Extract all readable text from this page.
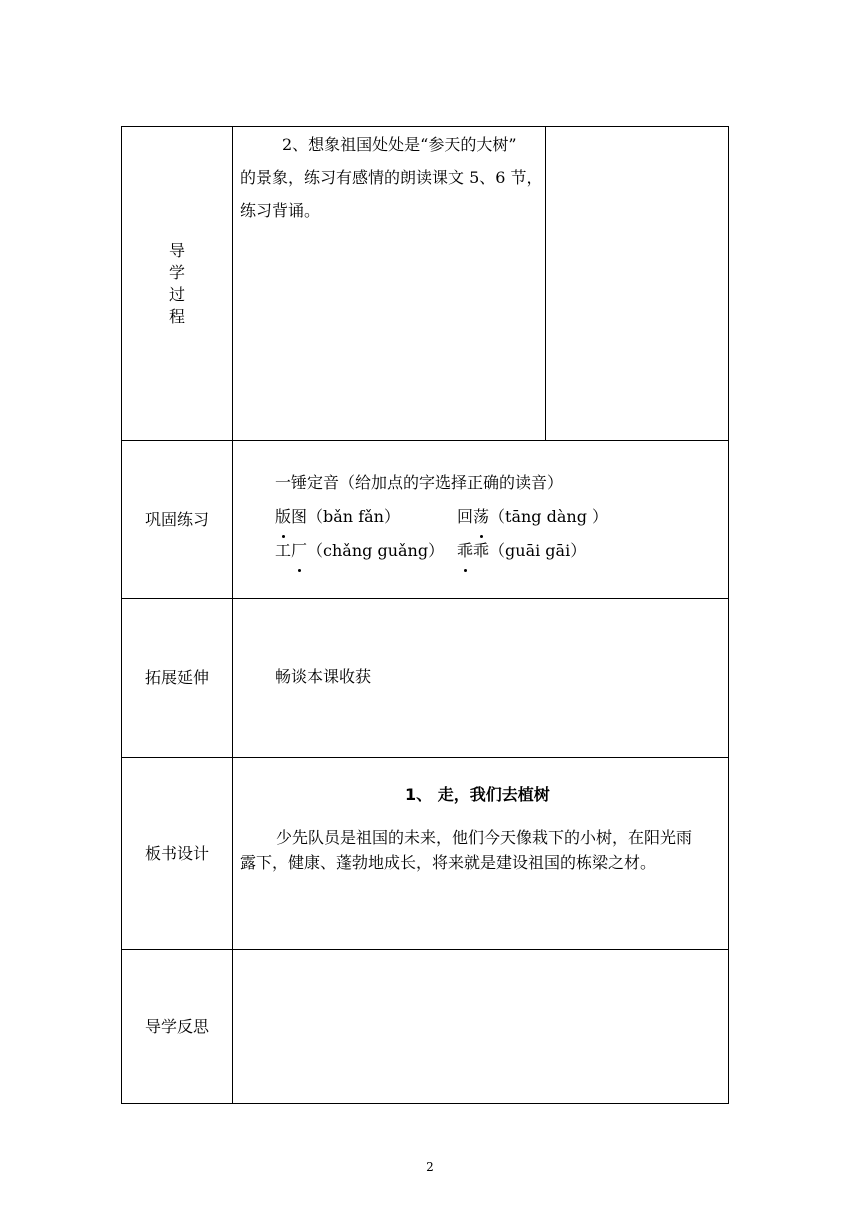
导
学
过
程
2、想象祖国处处是“参天的大树”
的景象，练习有感情的朗读课文 5、6 节，
练习背诵。
巩固练习
一锤定音（给加点的字选择正确的读音）
版图（bǎn fǎn）	回荡（tāng dàng ）
工厂（chǎng guǎng） 乖乖（guāi gāi）
拓展延伸	畅谈本课收获
板书设计
1、 走，我们去植树
少先队员是祖国的未来，他们今天像栽下的小树，在阳光雨
露下，健康、蓬勃地成长，将来就是建设祖国的栋梁之材。
导学反思
2
